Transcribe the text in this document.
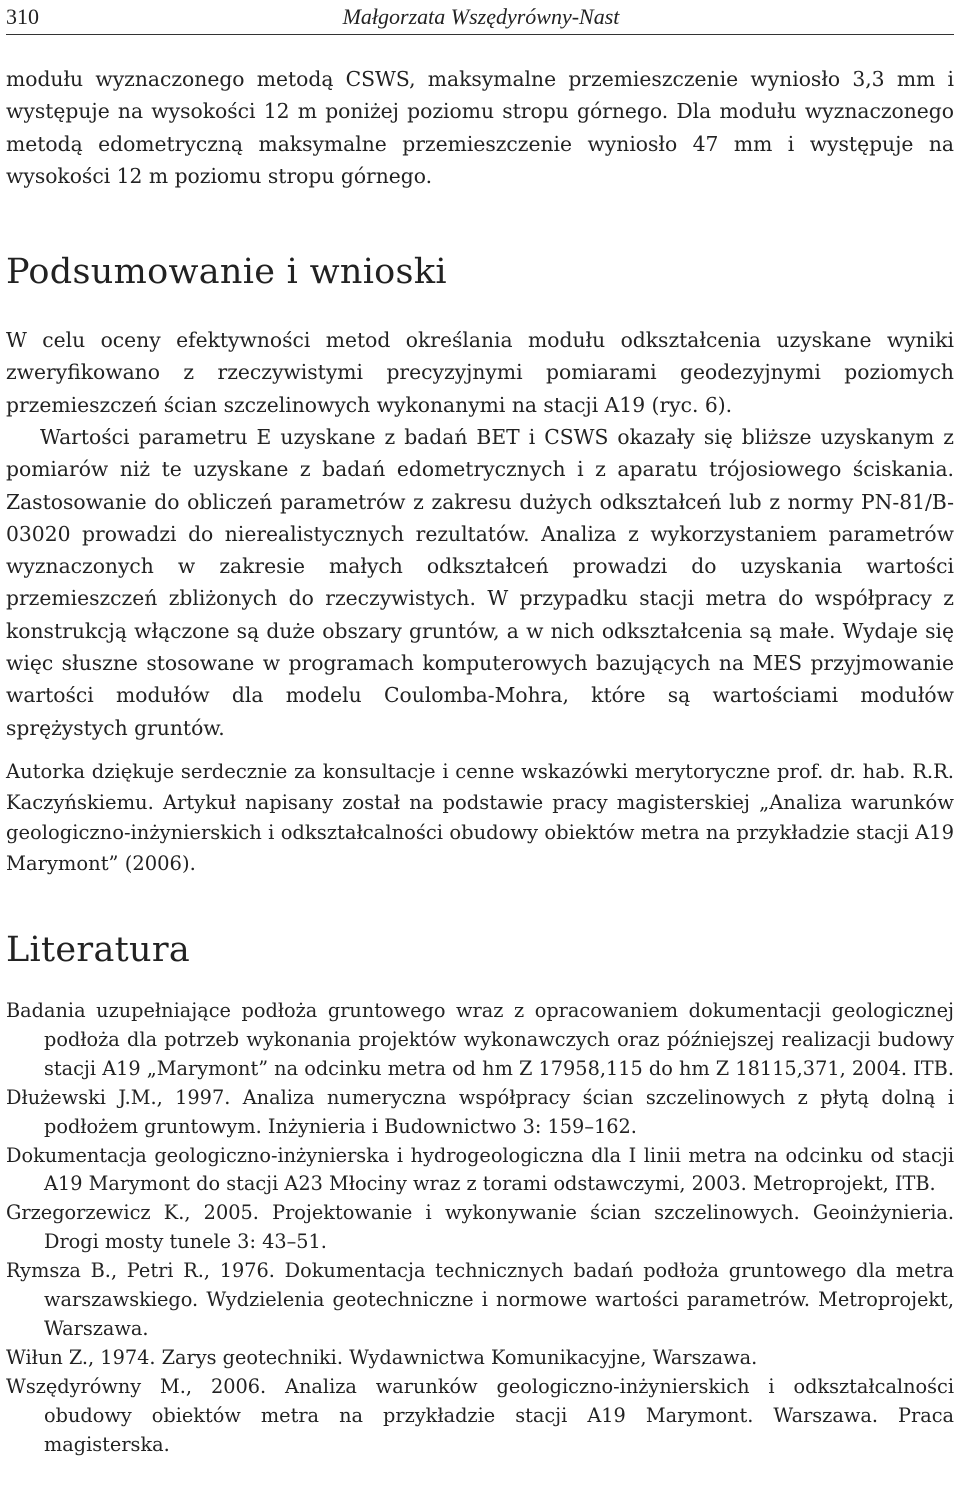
310	Małgorzata Wszędyrówny-Nast

modułu wyznaczonego metodą CSWS, maksymalne przemieszczenie wyniosło 3,3 mm i występuje na wysokości 12 m poniżej poziomu stropu górnego. Dla modułu wyznaczonego metodą edometryczną maksymalne przemieszczenie wyniosło 47 mm i występuje na wysokości 12 m poziomu stropu górnego.

Podsumowanie i wnioski

W celu oceny efektywności metod określania modułu odkształcenia uzyskane wyniki zweryfikowano z rzeczywistymi precyzyjnymi pomiarami geodezyjnymi poziomych przemieszczeń ścian szczelinowych wykonanymi na stacji A19 (ryc. 6).

Wartości parametru E uzyskane z badań BET i CSWS okazały się bliższe uzyskanym z pomiarów niż te uzyskane z badań edometrycznych i z aparatu trójosiowego ściskania. Zastosowanie do obliczeń parametrów z zakresu dużych odkształceń lub z normy PN-81/B-03020 prowadzi do nierealistycznych rezultatów. Analiza z wykorzystaniem parametrów wyznaczonych w zakresie małych odkształceń prowadzi do uzyskania wartości przemieszczeń zbliżonych do rzeczywistych. W przypadku stacji metra do współpracy z konstrukcją włączone są duże obszary gruntów, a w nich odkształcenia są małe. Wydaje się więc słuszne stosowane w programach komputerowych bazujących na MES przyjmowanie wartości modułów dla modelu Coulomba-Mohra, które są wartościami modułów sprężystych gruntów.

Autorka dziękuje serdecznie za konsultacje i cenne wskazówki merytoryczne prof. dr. hab. R.R. Kaczyńskiemu. Artykuł napisany został na podstawie pracy magisterskiej „Analiza warunków geologiczno-inżynierskich i odkształcalności obudowy obiektów metra na przykładzie stacji A19 Marymont” (2006).

Literatura
Badania uzupełniające podłoża gruntowego wraz z opracowaniem dokumentacji geologicznej podłoża dla potrzeb wykonania projektów wykonawczych oraz późniejszej realizacji budowy stacji A19 „Marymont” na odcinku metra od hm Z 17958,115 do hm Z 18115,371, 2004. ITB.
Dłużewski J.M., 1997. Analiza numeryczna współpracy ścian szczelinowych z płytą dolną i podłożem gruntowym. Inżynieria i Budownictwo 3: 159–162.
Dokumentacja geologiczno-inżynierska i hydrogeologiczna dla I linii metra na odcinku od stacji A19 Marymont do stacji A23 Młociny wraz z torami odstawczymi, 2003. Metroprojekt, ITB.
Grzegorzewicz K., 2005. Projektowanie i wykonywanie ścian szczelinowych. Geoinżynieria. Drogi mosty tunele 3: 43–51.
Rymsza B., Petri R., 1976. Dokumentacja technicznych badań podłoża gruntowego dla metra warszawskiego. Wydzielenia geotechniczne i normowe wartości parametrów. Metroprojekt, Warszawa.
Wiłun Z., 1974. Zarys geotechniki. Wydawnictwa Komunikacyjne, Warszawa.
Wszędyrówny M., 2006. Analiza warunków geologiczno-inżynierskich i odkształcalności obudowy obiektów metra na przykładzie stacji A19 Marymont. Warszawa. Praca magisterska.
